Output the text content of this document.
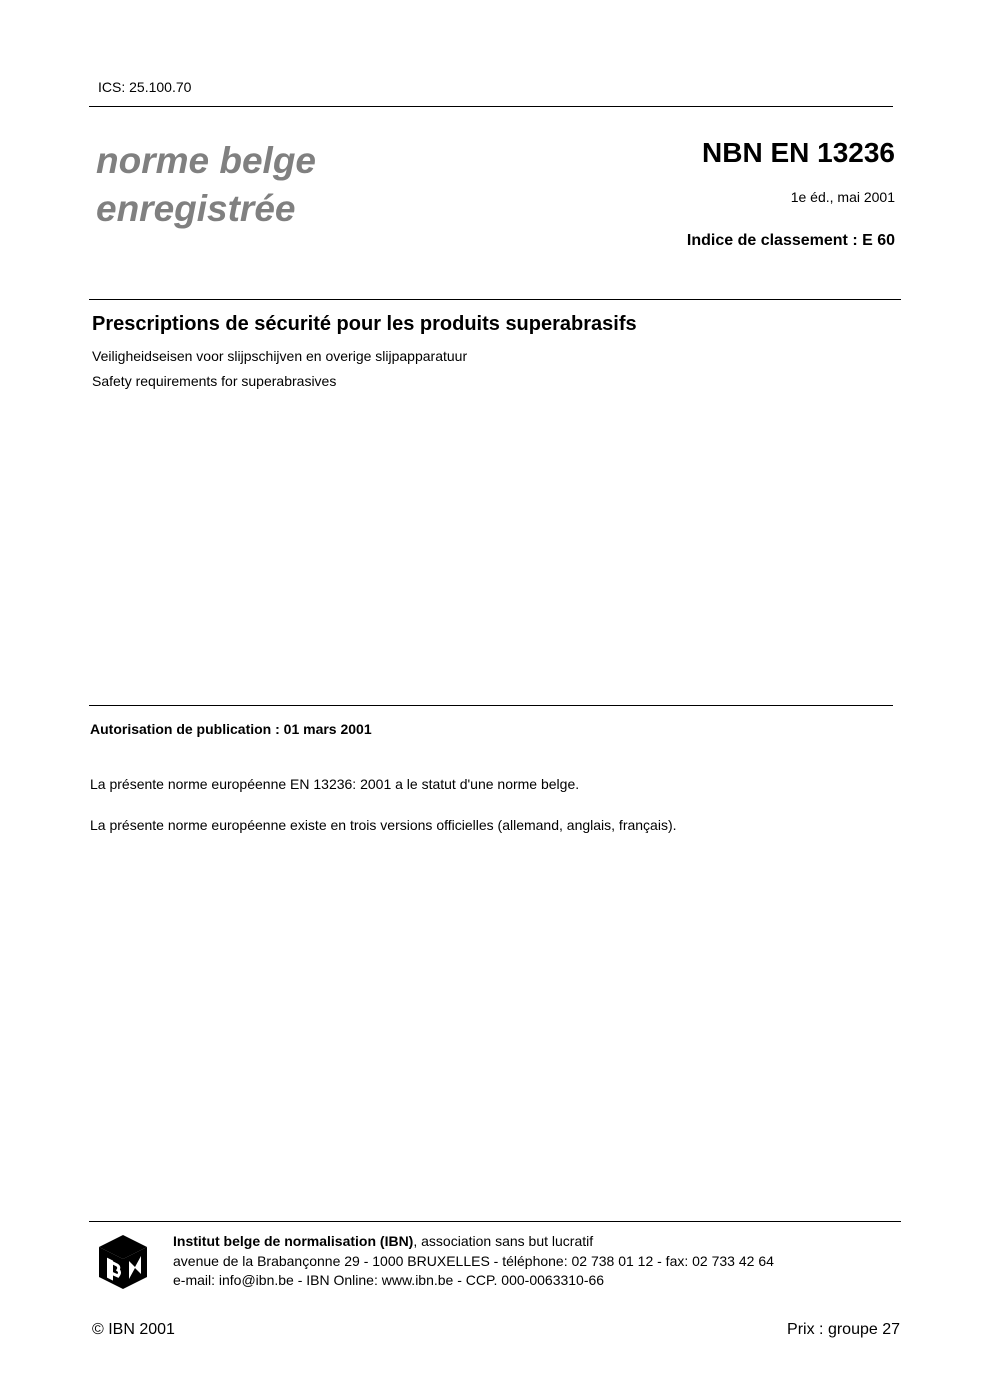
ICS: 25.100.70
norme belge
enregistrée
NBN EN 13236
1e éd., mai 2001
Indice de classement : E 60
Prescriptions de sécurité pour les produits superabrasifs
Veiligheidseisen voor slijpschijven en overige slijpapparatuur
Safety requirements for superabrasives
Autorisation de publication : 01 mars 2001
La présente norme européenne EN 13236: 2001 a le statut d'une norme belge.
La présente norme européenne existe en trois versions officielles (allemand, anglais, français).
Institut belge de normalisation (IBN), association sans but lucratif
avenue de la Brabançonne 29 - 1000 BRUXELLES - téléphone: 02 738 01 12 - fax: 02 733 42 64
e-mail: info@ibn.be - IBN Online: www.ibn.be - CCP. 000-0063310-66
© IBN 2001	Prix : groupe 27
